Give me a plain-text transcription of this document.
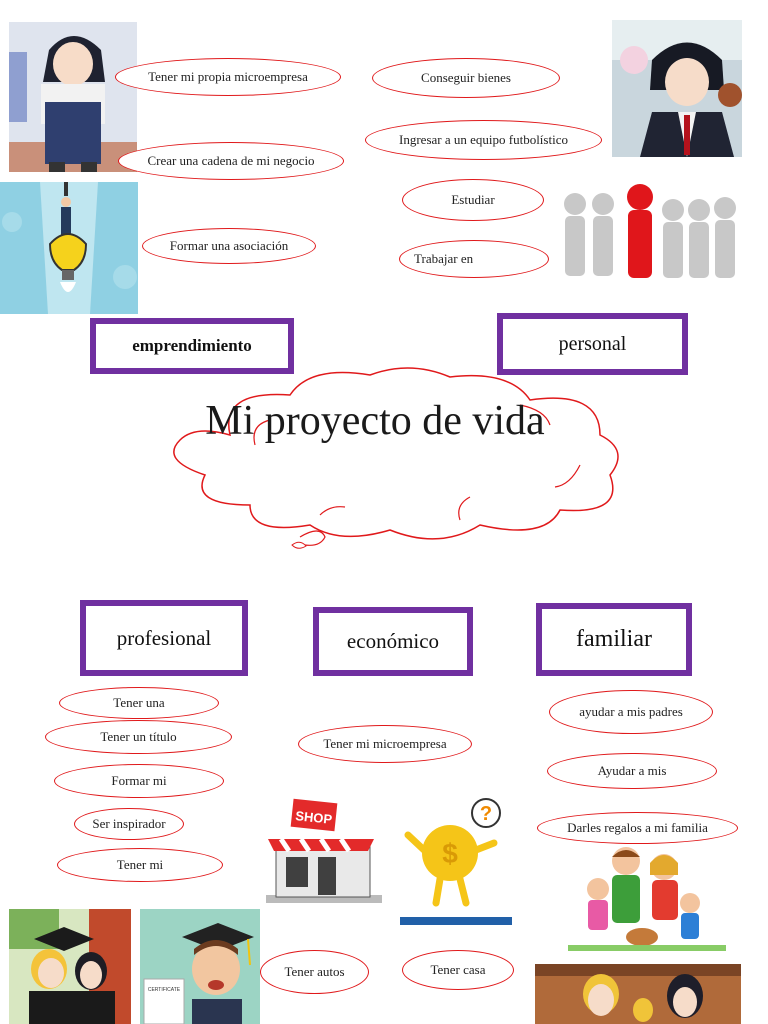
SHOP
$
?
CERTIFICATE
Mi proyecto de vida
emprendimiento	personal
profesional	económico	familiar
Tener mi propia microempresa
Crear una cadena de mi negocio
Formar una asociación
Conseguir bienes
Ingresar a un equipo futbolístico
Estudiar
Trabajar en
Tener una
Tener un título
Formar mi
Ser inspirador
Tener mi
Tener mi microempresa
Tener autos	Tener casa
ayudar a mis padres
Ayudar a mis
Darles regalos a mi familia
